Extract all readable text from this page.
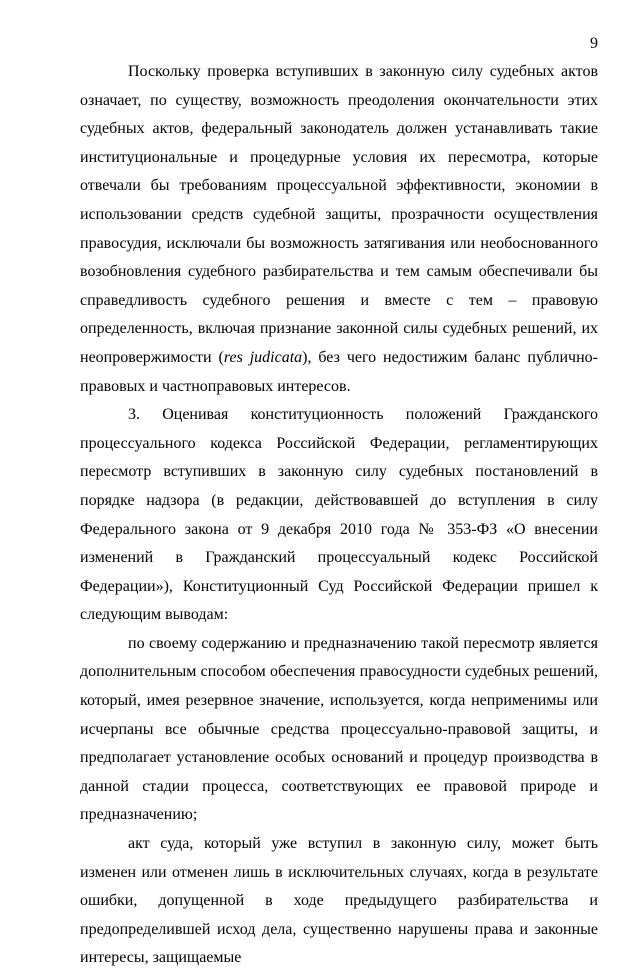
9

Поскольку проверка вступивших в законную силу судебных актов означает, по существу, возможность преодоления окончательности этих судебных актов, федеральный законодатель должен устанавливать такие институциональные и процедурные условия их пересмотра, которые отвечали бы требованиям процессуальной эффективности, экономии в использовании средств судебной защиты, прозрачности осуществления правосудия, исключали бы возможность затягивания или необоснованного возобновления судебного разбирательства и тем самым обеспечивали бы справедливость судебного решения и вместе с тем – правовую определенность, включая признание законной силы судебных решений, их неопровержимости (res judicata), без чего недостижим баланс публично-правовых и частноправовых интересов.

3. Оценивая конституционность положений Гражданского процессуального кодекса Российской Федерации, регламентирующих пересмотр вступивших в законную силу судебных постановлений в порядке надзора (в редакции, действовавшей до вступления в силу Федерального закона от 9 декабря 2010 года № 353-ФЗ «О внесении изменений в Гражданский процессуальный кодекс Российской Федерации»), Конституционный Суд Российской Федерации пришел к следующим выводам:

по своему содержанию и предназначению такой пересмотр является дополнительным способом обеспечения правосудности судебных решений, который, имея резервное значение, используется, когда неприменимы или исчерпаны все обычные средства процессуально-правовой защиты, и предполагает установление особых оснований и процедур производства в данной стадии процесса, соответствующих ее правовой природе и предназначению;

акт суда, который уже вступил в законную силу, может быть изменен или отменен лишь в исключительных случаях, когда в результате ошибки, допущенной в ходе предыдущего разбирательства и предопределившей исход дела, существенно нарушены права и законные интересы, защищаемые
